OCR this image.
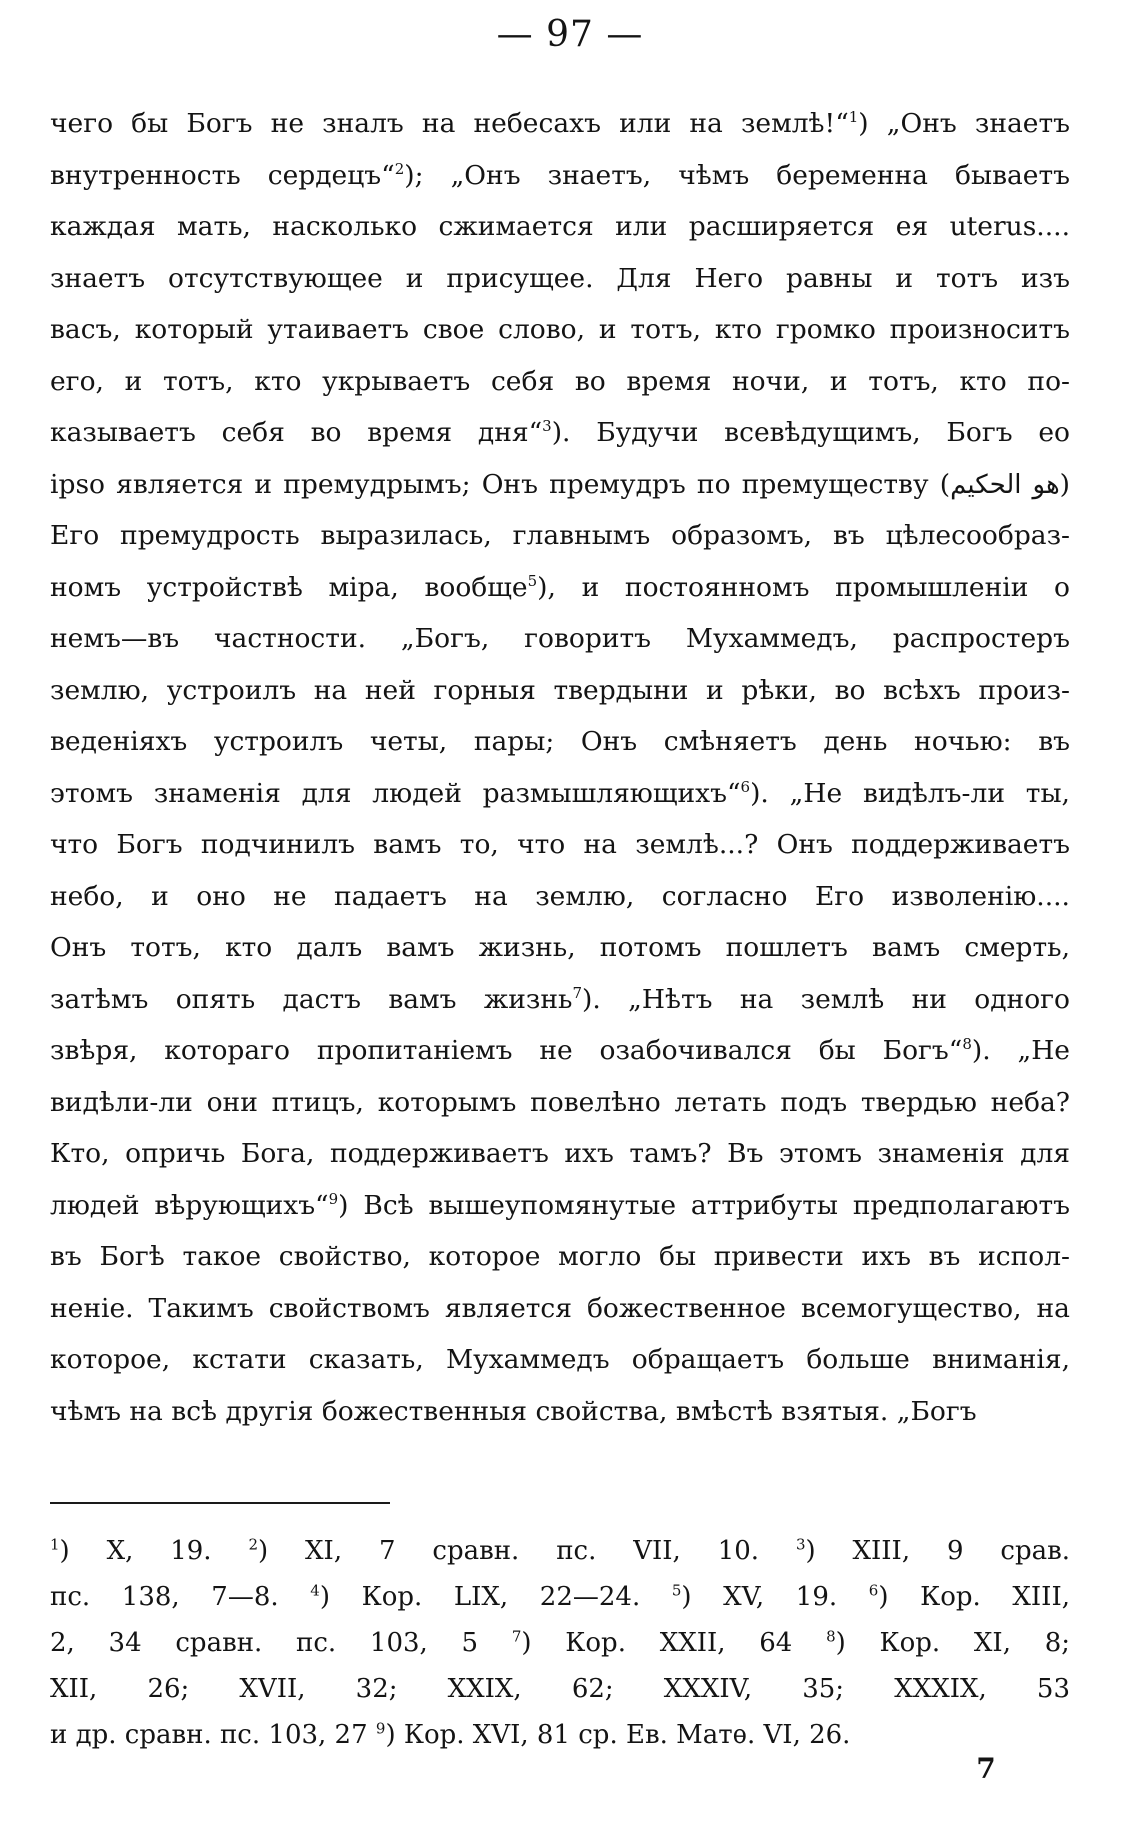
— 97 —
чего бы Богъ не зналъ на небесахъ или на землѣ!“$^1$) „Онъ знаетъ
внутренность сердецъ“$^2$); „Онъ знаетъ, чѣмъ беременна бываетъ
каждая мать, насколько сжимается или расширяется ея uterus....
знаетъ отсутствующее и присущее. Для Него равны и тотъ изъ
васъ, который утаиваетъ свое слово, и тотъ, кто громко произноситъ
его, и тотъ, кто укрываетъ себя во время ночи, и тотъ, кто по-
казываетъ себя во время дня“$^3$). Будучи всевѣдущимъ, Богъ eo
ipso является и премудрымъ; Онъ премудръ по премуществу (هو الحكيم)
Его премудрость выразилась, главнымъ образомъ, въ цѣлесообраз-
номъ устройствѣ міра, вообще$^5$), и постоянномъ промышленіи о
немъ—въ частности. „Богъ, говоритъ Мухаммедъ, распростеръ
землю, устроилъ на ней горныя твердыни и рѣки, во всѣхъ произ-
веденіяхъ устроилъ четы, пары; Онъ смѣняетъ день ночью: въ
этомъ знаменія для людей размышляющихъ“$^6$). „Не видѣлъ-ли ты,
что Богъ подчинилъ вамъ то, что на землѣ...? Онъ поддерживаетъ
небо, и оно не падаетъ на землю, согласно Его изволенію....
Онъ тотъ, кто далъ вамъ жизнь, потомъ пошлетъ вамъ смерть,
затѣмъ опять дастъ вамъ жизнь$^7$). „Нѣтъ на землѣ ни одного
звѣря, котораго пропитаніемъ не озабочивался бы Богъ“$^8$). „Не
видѣли-ли они птицъ, которымъ повелѣно летать подъ твердью неба?
Кто, опричь Бога, поддерживаетъ ихъ тамъ? Въ этомъ знаменія для
людей вѣрующихъ“$^9$) Всѣ вышеупомянутые аттрибуты предполагаютъ
въ Богѣ такое свойство, которое могло бы привести ихъ въ испол-
неніе. Такимъ свойствомъ является божественное всемогущество, на
которое, кстати сказать, Мухаммедъ обращаетъ больше вниманія,
чѣмъ на всѣ другія божественныя свойства, вмѣстѣ взятыя. „Богъ
$^1$) X, 19. $^2$) XI, 7 сравн. пс. VII, 10. $^3$) XIII, 9 срав.
пс. 138, 7—8. $^4$) Кор. LIX, 22—24. $^5$) XV, 19. $^6$) Кор. XIII,
2, 34 сравн. пс. 103, 5 $^7$) Кор. XXII, 64 $^8$) Кор. XI, 8;
XII, 26; XVII, 32; XXIX, 62; XXXIV, 35; XXXIX, 53
и др. сравн. пс. 103, 27 $^9$) Кор. XVI, 81 ср. Ев. Матѳ. VI, 26.
7
